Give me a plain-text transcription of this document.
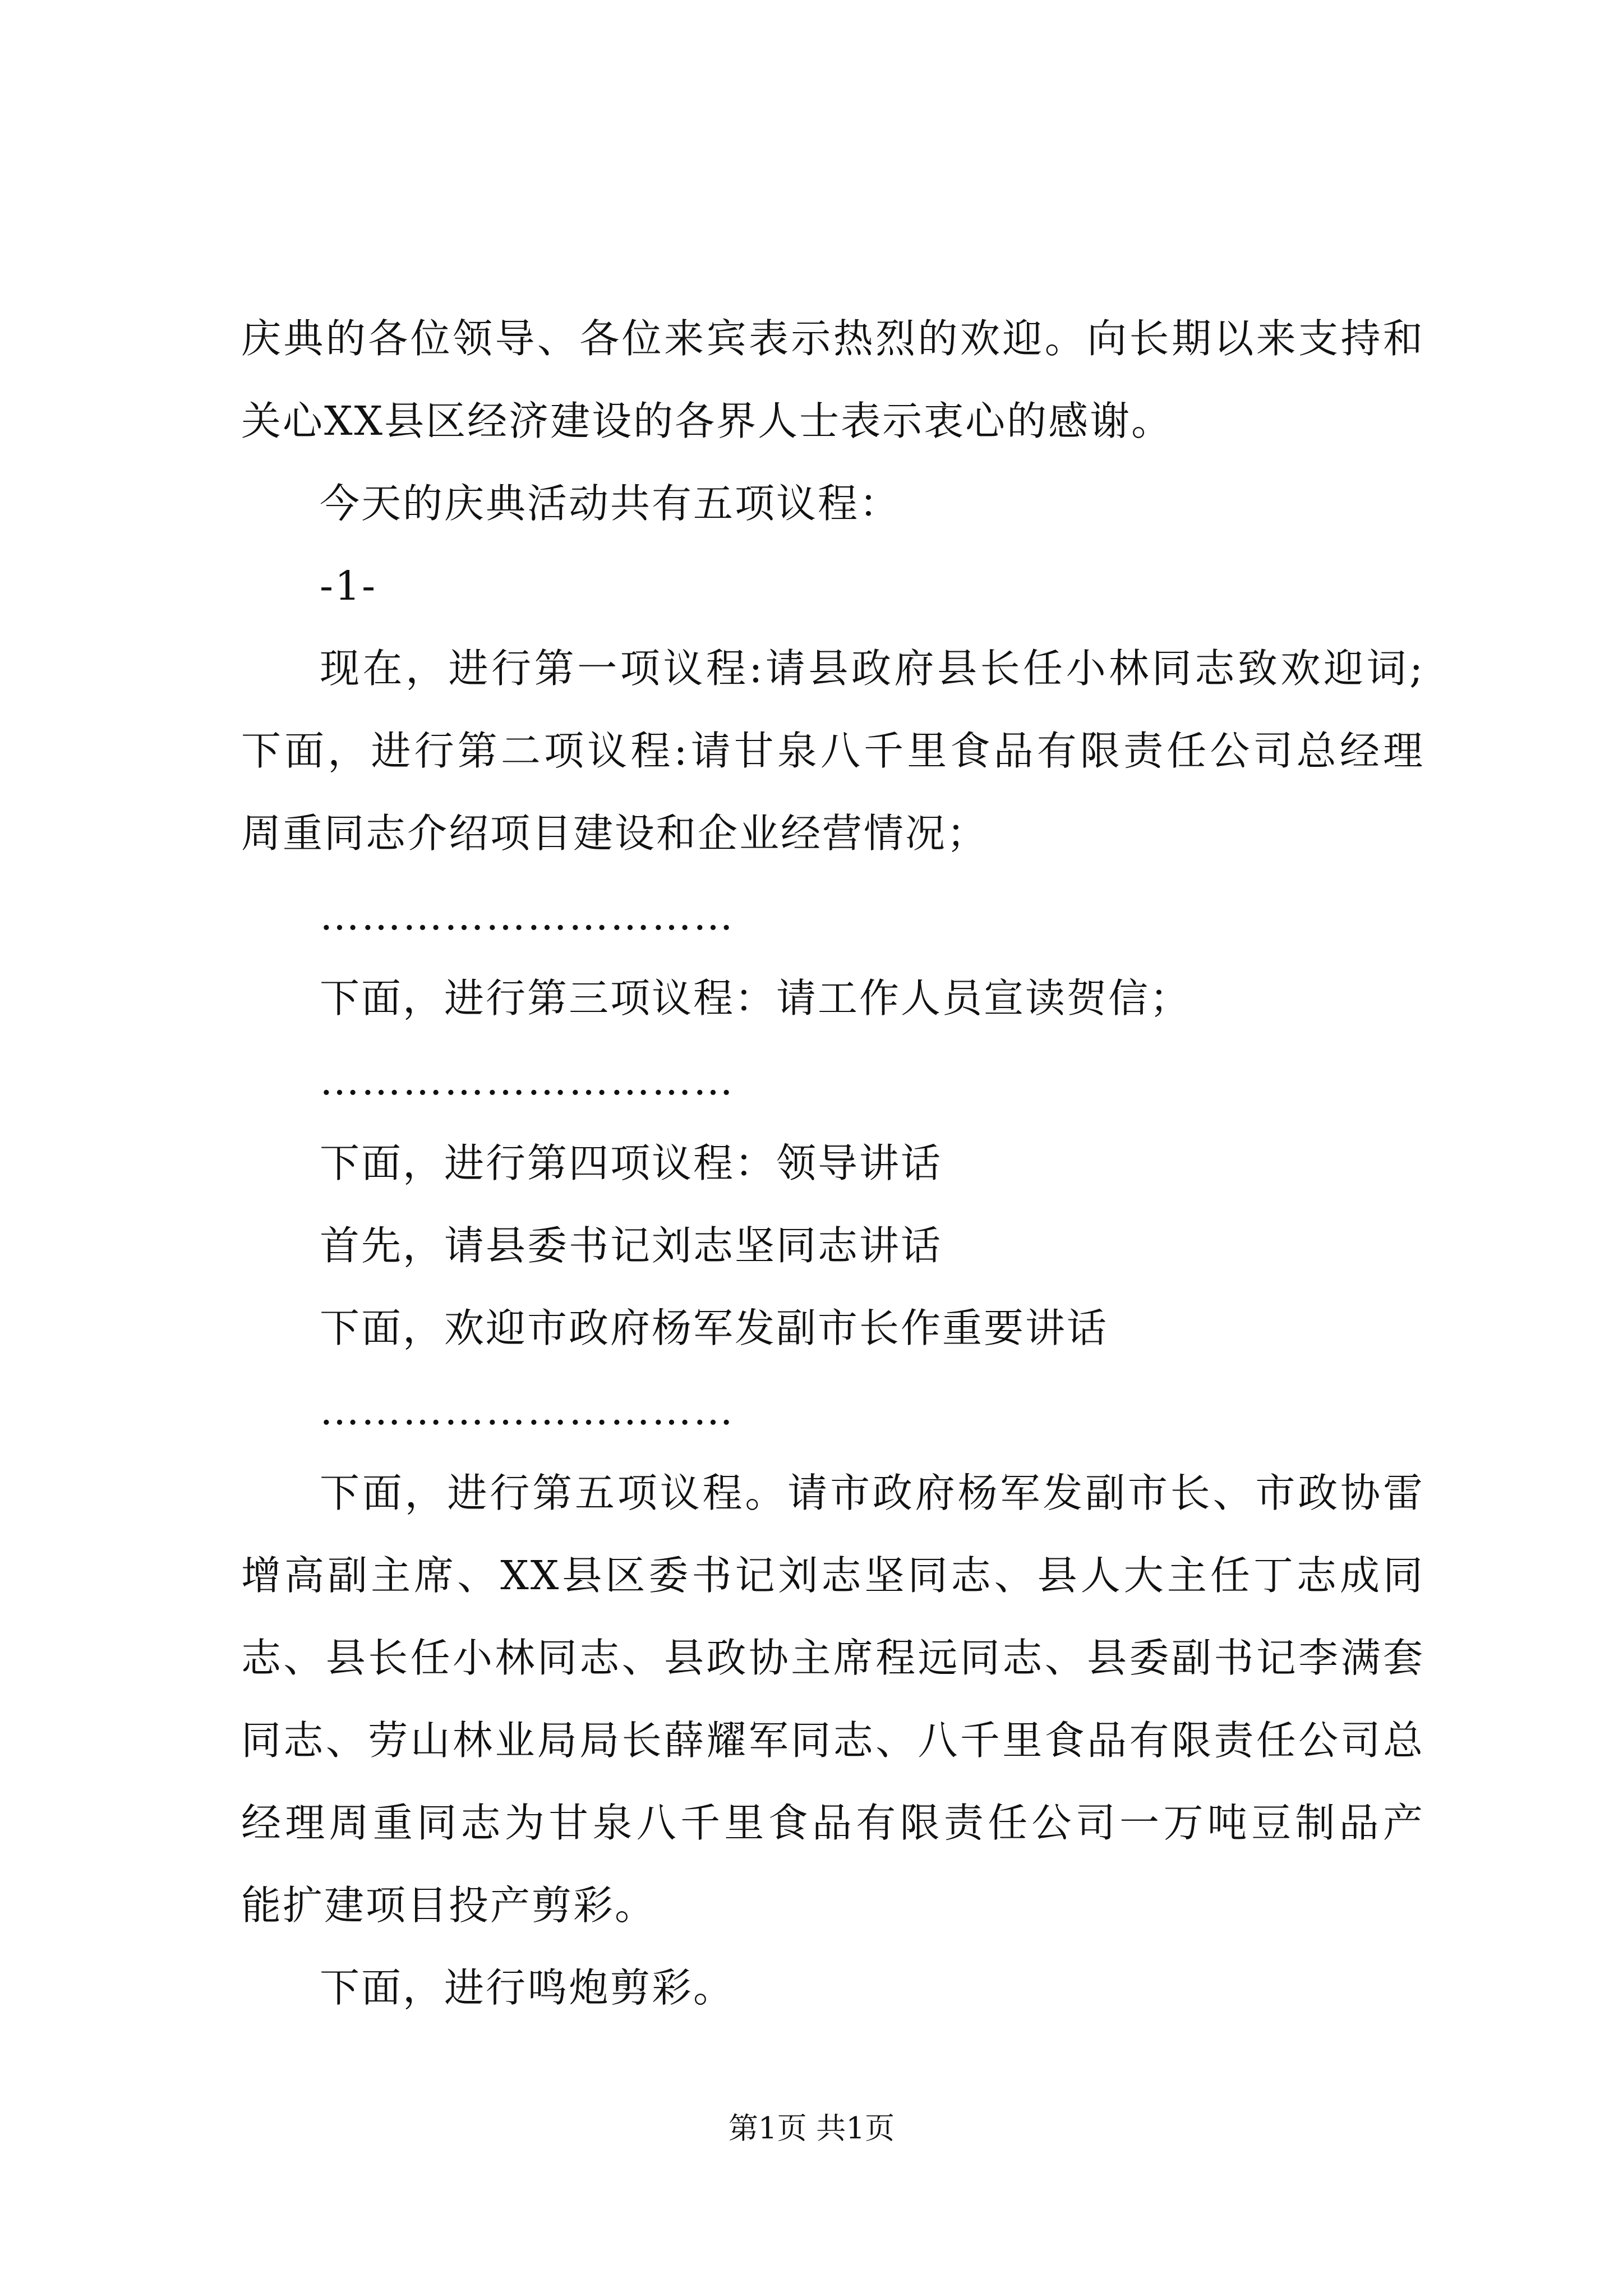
庆典的各位领导、各位来宾表示热烈的欢迎。向长期以来支持和
关心XX县区经济建设的各界人士表示衷心的感谢。
今天的庆典活动共有五项议程：
-1-
现在，进行第一项议程:请县政府县长任小林同志致欢迎词;
下面，进行第二项议程:请甘泉八千里食品有限责任公司总经理
周重同志介绍项目建设和企业经营情况；
…………………………
下面，进行第三项议程：请工作人员宣读贺信；
…………………………
下面，进行第四项议程：领导讲话
首先，请县委书记刘志坚同志讲话
下面，欢迎市政府杨军发副市长作重要讲话
…………………………
下面，进行第五项议程。请市政府杨军发副市长、市政协雷
增高副主席、XX县区委书记刘志坚同志、县人大主任丁志成同
志、县长任小林同志、县政协主席程远同志、县委副书记李满套
同志、劳山林业局局长薛耀军同志、八千里食品有限责任公司总
经理周重同志为甘泉八千里食品有限责任公司一万吨豆制品产
能扩建项目投产剪彩。
下面，进行鸣炮剪彩。
第1页 共1页
